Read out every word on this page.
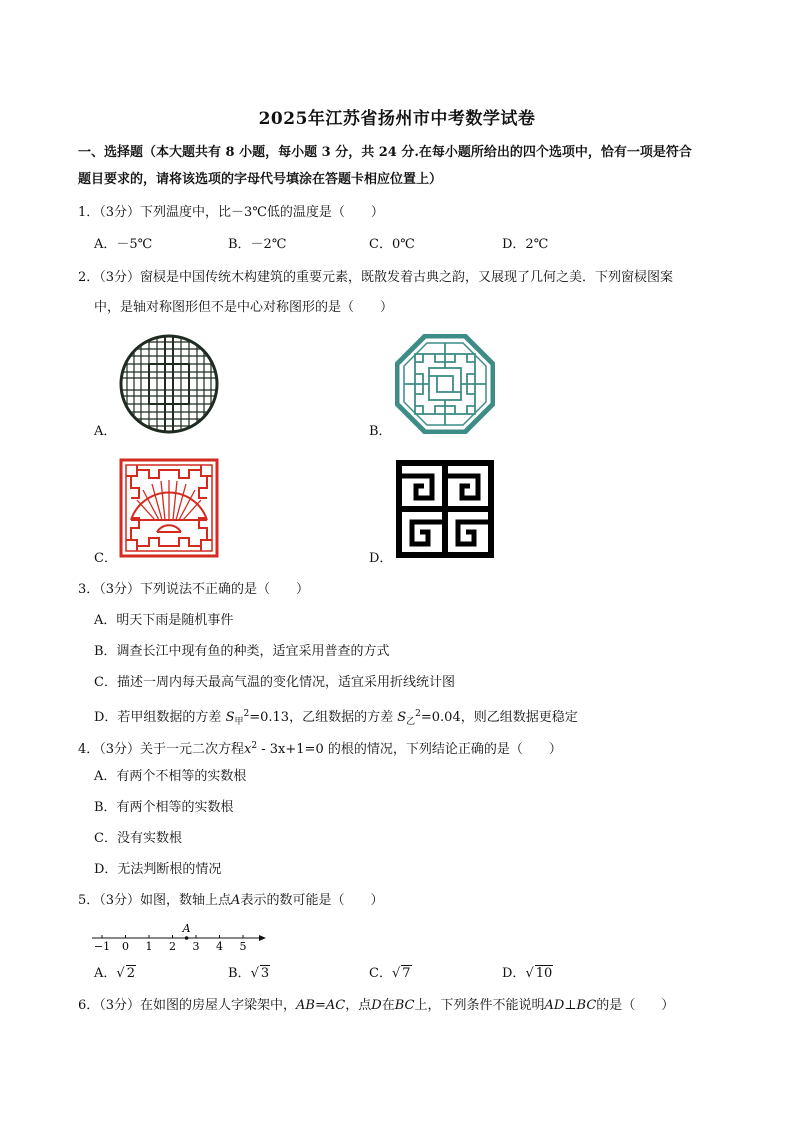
2025年江苏省扬州市中考数学试卷
一、选择题（本大题共有 8 小题，每小题 3 分，共 24 分.在每小题所给出的四个选项中，恰有一项是符合
题目要求的，请将该选项的字母代号填涂在答题卡相应位置上）
1．（3分）下列温度中，比－3℃低的温度是（　　）
A．－5℃	B．－2℃	C．0℃	D．2℃
2．（3分）窗棂是中国传统木构建筑的重要元素，既散发着古典之韵，又展现了几何之美．下列窗棂图案
中，是轴对称图形但不是中心对称图形的是（　　）
A．	B．
C．	D．
3．（3分）下列说法不正确的是（　　）
A．明天下雨是随机事件
B．调查长江中现有鱼的种类，适宜采用普查的方式
C．描述一周内每天最高气温的变化情况，适宜采用折线统计图
D．若甲组数据的方差 $S_甲^2=0.13$，乙组数据的方差 $S_乙^2=0.04$，则乙组数据更稳定
4．（3分）关于一元二次方程$x^2 - 3x+1=0$ 的根的情况，下列结论正确的是（　　）
A．有两个不相等的实数根
B．有两个相等的实数根
C．没有实数根
D．无法判断根的情况
5．（3分）如图，数轴上点A表示的数可能是（　　）
−1 0 1 2 3 4 5
A
A．√ 2	B．√ 3	C．√ 7	D．√ 10
6．（3分）在如图的房屋人字梁架中，AB=AC，点D在BC上，下列条件不能说明AD⊥BC的是（　　）
